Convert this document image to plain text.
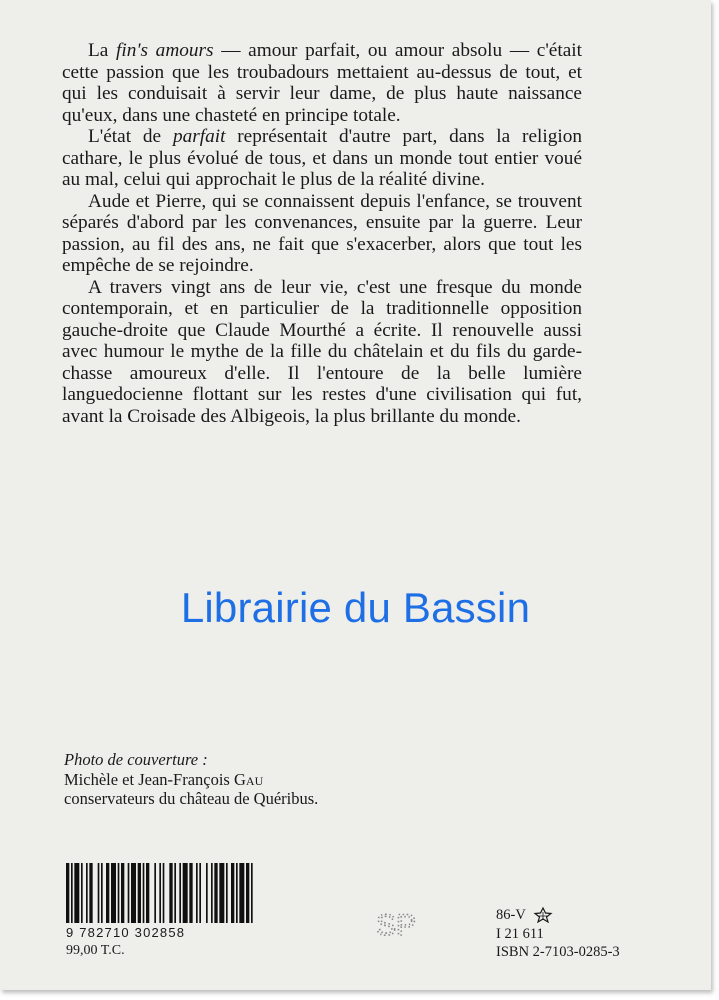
La fin's amours — amour parfait, ou amour absolu — c'était cette passion que les troubadours mettaient au-dessus de tout, et qui les conduisait à servir leur dame, de plus haute naissance qu'eux, dans une chasteté en principe totale.

L'état de parfait représentait d'autre part, dans la religion cathare, le plus évolué de tous, et dans un monde tout entier voué au mal, celui qui approchait le plus de la réalité divine.

Aude et Pierre, qui se connaissent depuis l'enfance, se trouvent séparés d'abord par les convenances, ensuite par la guerre. Leur passion, au fil des ans, ne fait que s'exacerber, alors que tout les empêche de se rejoindre.

A travers vingt ans de leur vie, c'est une fresque du monde contemporain, et en particulier de la traditionnelle opposition gauche-droite que Claude Mourthé a écrite. Il renouvelle aussi avec humour le mythe de la fille du châtelain et du fils du garde-chasse amoureux d'elle. Il l'entoure de la belle lumière languedocienne flottant sur les restes d'une civilisation qui fut, avant la Croisade des Albigeois, la plus brillante du monde.

Librairie du Bassin
Photo de couverture :
Michèle et Jean-François Gau
conservateurs du château de Quéribus.
9 782710 302858
99,00 T.C.
SP	86-V
I 21 611
ISBN 2-7103-0285-3
